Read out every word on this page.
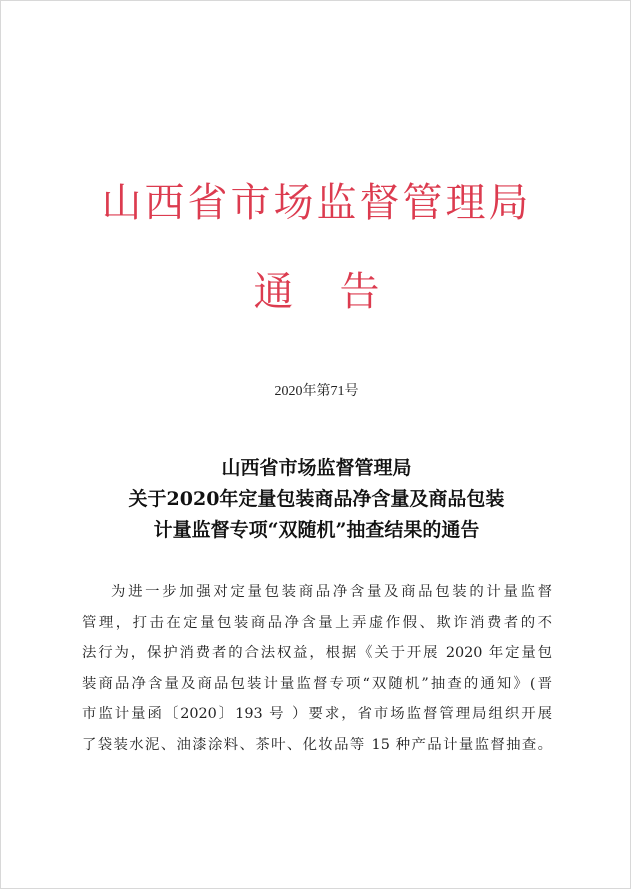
山西省市场监督管理局
通 告
2020年第71号
山西省市场监督管理局
关于2020年定量包装商品净含量及商品包装
计量监督专项“双随机”抽查结果的通告
为进一步加强对定量包装商品净含量及商品包装的计量监督
管理，打击在定量包装商品净含量上弄虚作假、欺诈消费者的不
法行为，保护消费者的合法权益，根据《关于开展 2020 年定量包
装商品净含量及商品包装计量监督专项“双随机”抽查的通知》(晋
市监计量函〔2020〕193 号 ）要求，省市场监督管理局组织开展
了袋装水泥、油漆涂料、茶叶、化妆品等 15 种产品计量监督抽查。
